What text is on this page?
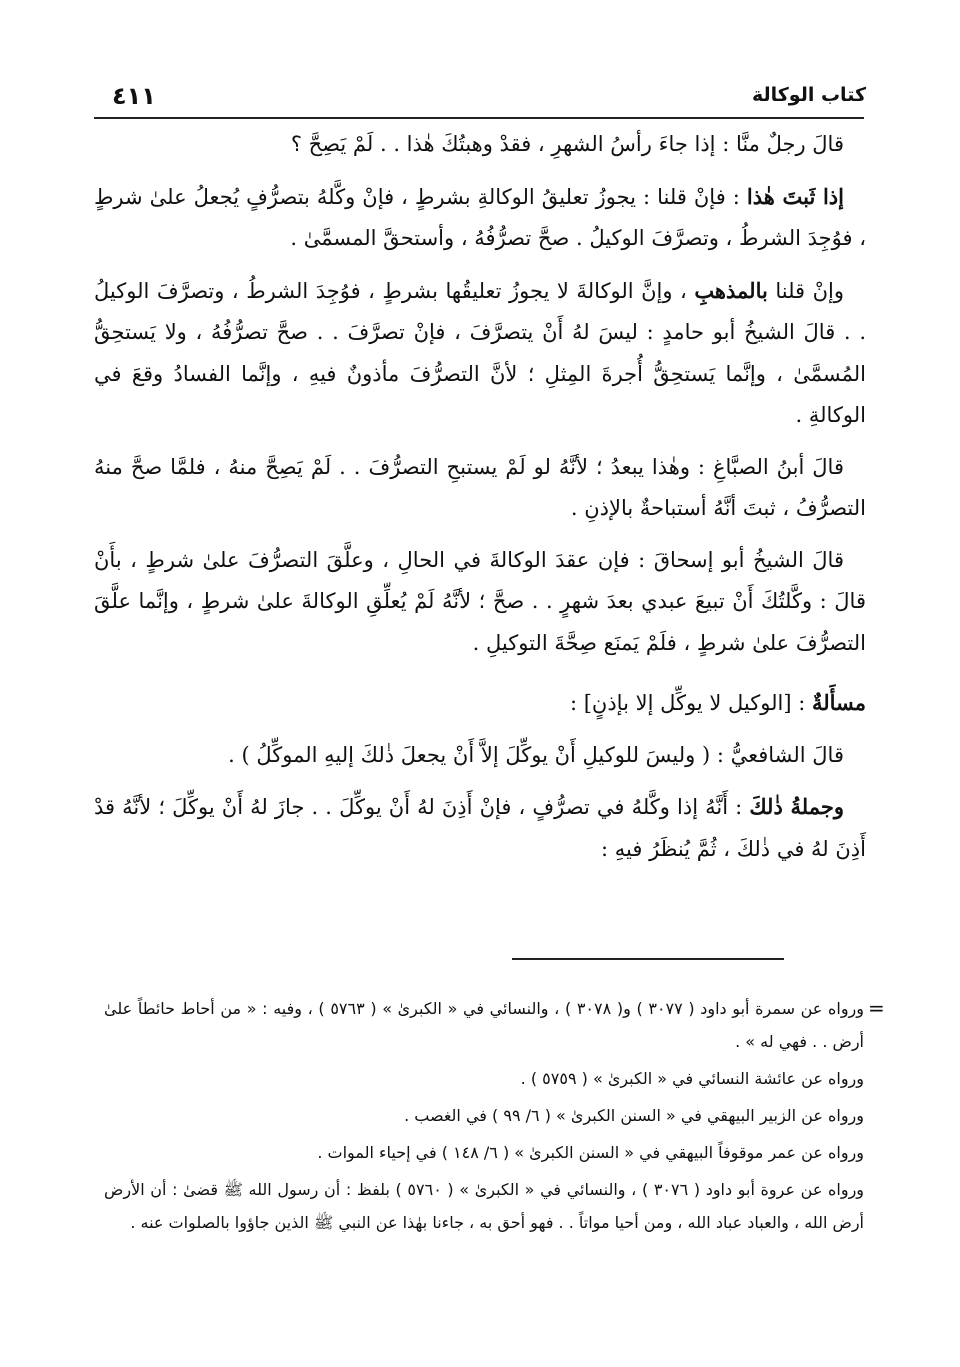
كتاب الوكالة
٤١١

قالَ رجلٌ منَّا : إذا جاءَ رأسُ الشهرِ ، فقدْ وهبتُكَ هٰذا . . لَمْ يَصِحَّ ؟

إذا ثَبتَ هٰذا : فإنْ قلنا : يجوزُ تعليقُ الوكالةِ بشرطٍ ، فإنْ وكَّلهُ بتصرُّفٍ يُجعلُ علىٰ شرطٍ ، فوُجِدَ الشرطُ ، وتصرَّفَ الوكيلُ . صحَّ تصرُّفُهُ ، وأستحقَّ المسمَّىٰ .

وإنْ قلنا بالمذهبِ ، وإنَّ الوكالةَ لا يجوزُ تعليقُها بشرطٍ ، فوُجِدَ الشرطُ ، وتصرَّفَ الوكيلُ . . قالَ الشيخُ أبو حامدٍ : ليسَ لهُ أَنْ يتصرَّفَ ، فإنْ تصرَّفَ . . صحَّ تصرُّفُهُ ، ولا يَستحِقُّ المُسمَّىٰ ، وإنَّما يَستحِقُّ أُجرةَ المِثلِ ؛ لأنَّ التصرُّفَ مأذونٌ فيهِ ، وإنَّما الفسادُ وقعَ في الوكالةِ .

قالَ أبنُ الصبَّاغِ : وهٰذا يبعدُ ؛ لأنَّهُ لو لَمْ يستبحِ التصرُّفَ . . لَمْ يَصِحَّ منهُ ، فلمَّا صحَّ منهُ التصرُّفُ ، ثبتَ أنَّهُ أستباحةٌ بالإذنِ .

قالَ الشيخُ أبو إسحاقَ : فإن عقدَ الوكالةَ في الحالِ ، وعلَّقَ التصرُّفَ علىٰ شرطٍ ، بأَنْ قالَ : وكَّلتُكَ أَنْ تبيعَ عبدي بعدَ شهرٍ . . صحَّ ؛ لأنَّهُ لَمْ يُعلِّقِ الوكالةَ علىٰ شرطٍ ، وإنَّما علَّقَ التصرُّفَ علىٰ شرطٍ ، فلَمْ يَمنَع صِحَّةَ التوكيلِ .

مسأَلةٌ : [الوكيل لا يوكِّل إلا بإذنٍ] :

قالَ الشافعيُّ : ( وليسَ للوكيلِ أَنْ يوكِّلَ إلاَّ أَنْ يجعلَ ذٰلكَ إليهِ الموكِّلُ ) .

وجملةُ ذٰلكَ : أَنَّهُ إذا وكَّلهُ في تصرُّفٍ ، فإنْ أَذِنَ لهُ أَنْ يوكِّلَ . . جازَ لهُ أَنْ يوكِّلَ ؛ لأنَّهُ قدْ أَذِنَ لهُ في ذٰلكَ ، ثُمَّ يُنظَرُ فيهِ :

=

ورواه عن سمرة أبو داود ( ٣٠٧٧ ) و( ٣٠٧٨ ) ، والنسائي في « الكبرىٰ » ( ٥٧٦٣ ) ، وفيه : « من أحاط حائطاً علىٰ أرض . . فهي له » .

ورواه عن عائشة النسائي في « الكبرىٰ » ( ٥٧٥٩ ) .

ورواه عن الزبير البيهقي في « السنن الكبرىٰ » ( ٦/ ٩٩ ) في الغصب .

ورواه عن عمر موقوفاً البيهقي في « السنن الكبرىٰ » ( ٦/ ١٤٨ ) في إحياء الموات .

ورواه عن عروة أبو داود ( ٣٠٧٦ ) ، والنسائي في « الكبرىٰ » ( ٥٧٦٠ ) بلفظ : أن رسول الله ﷺ قضىٰ : أن الأرض أرض الله ، والعباد عباد الله ، ومن أحيا مواتاً . . فهو أحق به ، جاءنا بهٰذا عن النبي ﷺ الذين جاؤوا بالصلوات عنه .
